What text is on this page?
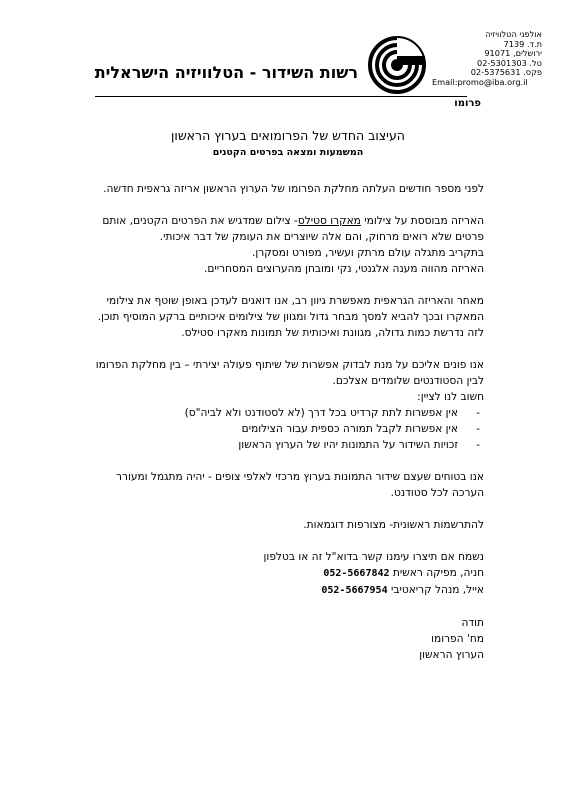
אולפני הטלוויזיה
ת.ד. 7139
ירושלים, 91071
טל. 02-5301303
פקס. 02-5375631
Email:promo@iba.org.il
רשות השידור - הטלוויזיה הישראלית
פרומו
העיצוב החדש של הפרומואים בערוץ הראשון
המשמעות ומצאה בפרטים הקטנים

לפני מספר חודשים העלתה מחלקת הפרומו של הערוץ הראשון אריזה גראפית חדשה.

האריזה מבוססת על צילומי מאקרו סטילס- צילום שמדגיש את הפרטים הקטנים, אותם פרטים שלא רואים מרחוק, והם אלה שיוצרים את העומק של דבר איכותי.

בתקריב מתגלה עולם מרתק ועשיר, מפורט ומסקרן.

האריזה מהווה מענה אלגנטי, נקי ומובחן מהערוצים המסחריים.

מאחר והאריזה הגראפית מאפשרת גיוון רב, אנו דואגים לעדכן באופן שוטף את צילומי המאקרו ובכך להביא למסך מבחר גדול ומגוון של צילומים איכותיים ברקע המוסיף תוכן.

לזה נדרשת כמות גדולה, מגוונת ואיכותית של תמונות מאקרו סטילס.

אנו פונים אליכם על מנת לבדוק אפשרות של שיתוף פעולה יצירתי – בין מחלקת הפרומו לבין הסטודנטים שלומדים אצלכם.

חשוב לנו לציין:

- אין אפשרות לתת קרדיט בכל דרך (לא לסטודנט ולא לביה"ס)
- אין אפשרות לקבל תמורה כספית עבור הצילומים
- זכויות השידור על התמונות יהיו של הערוץ הראשון

אנו בטוחים שעצם שידור התמונות בערוץ מרכזי לאלפי צופים - יהיה מתגמל ומעורר הערכה לכל סטודנט.

להתרשמות ראשונית- מצורפות דוגמאות.

נשמח אם תיצרו עימנו קשר בדוא"ל זה או בטלפון

חניה, מפיקה ראשית 052-5667842

אייל, מנהל קריאטיבי 052-5667954

תודה

מח' הפרומו

הערוץ הראשון
